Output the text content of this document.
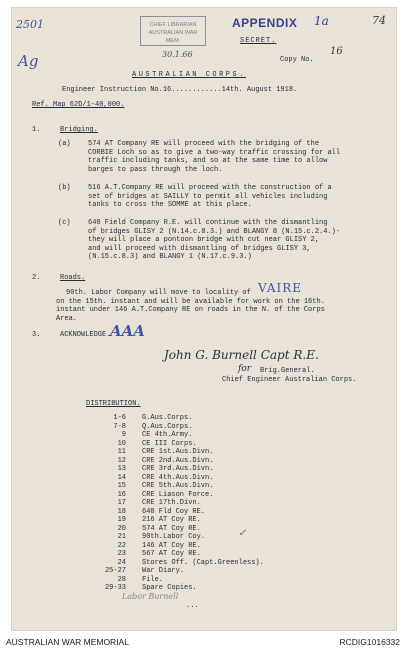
2501
Ag
74
CHIEF LIBRARIAN
AUSTRALIAN WAR MEM.
30.1.66
APPENDIX 1a
SECRET.
Copy No.
16
AUSTRALIAN CORPS.
Engineer Instruction No.16............14th. August 1918.
Ref. Map 62D/1-40,000.
1.	Bridging.
(a) 574 AT Company RE will proceed with the bridging of the
CORBIE Loch so as to give a two-way traffic crossing for all
traffic including tanks, and so at the same time to allow
barges to pass through the loch.
(b) 516 A.T.Company RE will proceed with the construction of a
set of bridges at SAILLY to permit all vehicles including
tanks to cross the SOMME at this place.
(c) 648 Field Company R.E. will continue with the dismantling
of bridges GLISY 2 (N.14.c.8.3.) and BLANGY 8 (N.15.c.2.4.)-
they will place a pontoon bridge with cut near GLISY 2,
and will proceed with dismantling of bridges GLISY 3,
(N.15.c.8.3) and BLANGY 1 (N.17.c.9.3.)
2.	Roads.
90th. Labor Company will move to locality of VAIRE
on the 15th. instant and will be available for work on the 16th.
instant under 146 A.T.Company RE on roads in the N. of the Corps
Area.
3.	ACKNOWLEDGE. AAA
John G. Burnell Capt R.E.
for Brig.General.
Chief Engineer Australian Corps.
DISTRIBUTION.
1-6 G.Aus.Corps.
7-8 Q.Aus.Corps.
9 CE 4th.Army.
10 CE III Corps.
11 CRE 1st.Aus.Divn.
12 CRE 2nd.Aus.Divn.
13 CRE 3rd.Aus.Divn.
14 CRE 4th.Aus.Divn.
15 CRE 5th.Aus.Divn.
16 CRE Liason Force.
17 CRE 17th.Divn.
18 648 Fld Coy RE.
19 216 AT Coy RE.
20 574 AT Coy RE.
21 90th.Labor Coy.
22 146 AT Coy RE.
23 567 AT Coy RE.
24 Stores Off. (Capt.Greenless).
25-27 War Diary.
28 File.
29-33 Spare Copies.
Labor Burnell
...
✓
AUSTRALIAN WAR MEMORIAL	RCDIG1016332
